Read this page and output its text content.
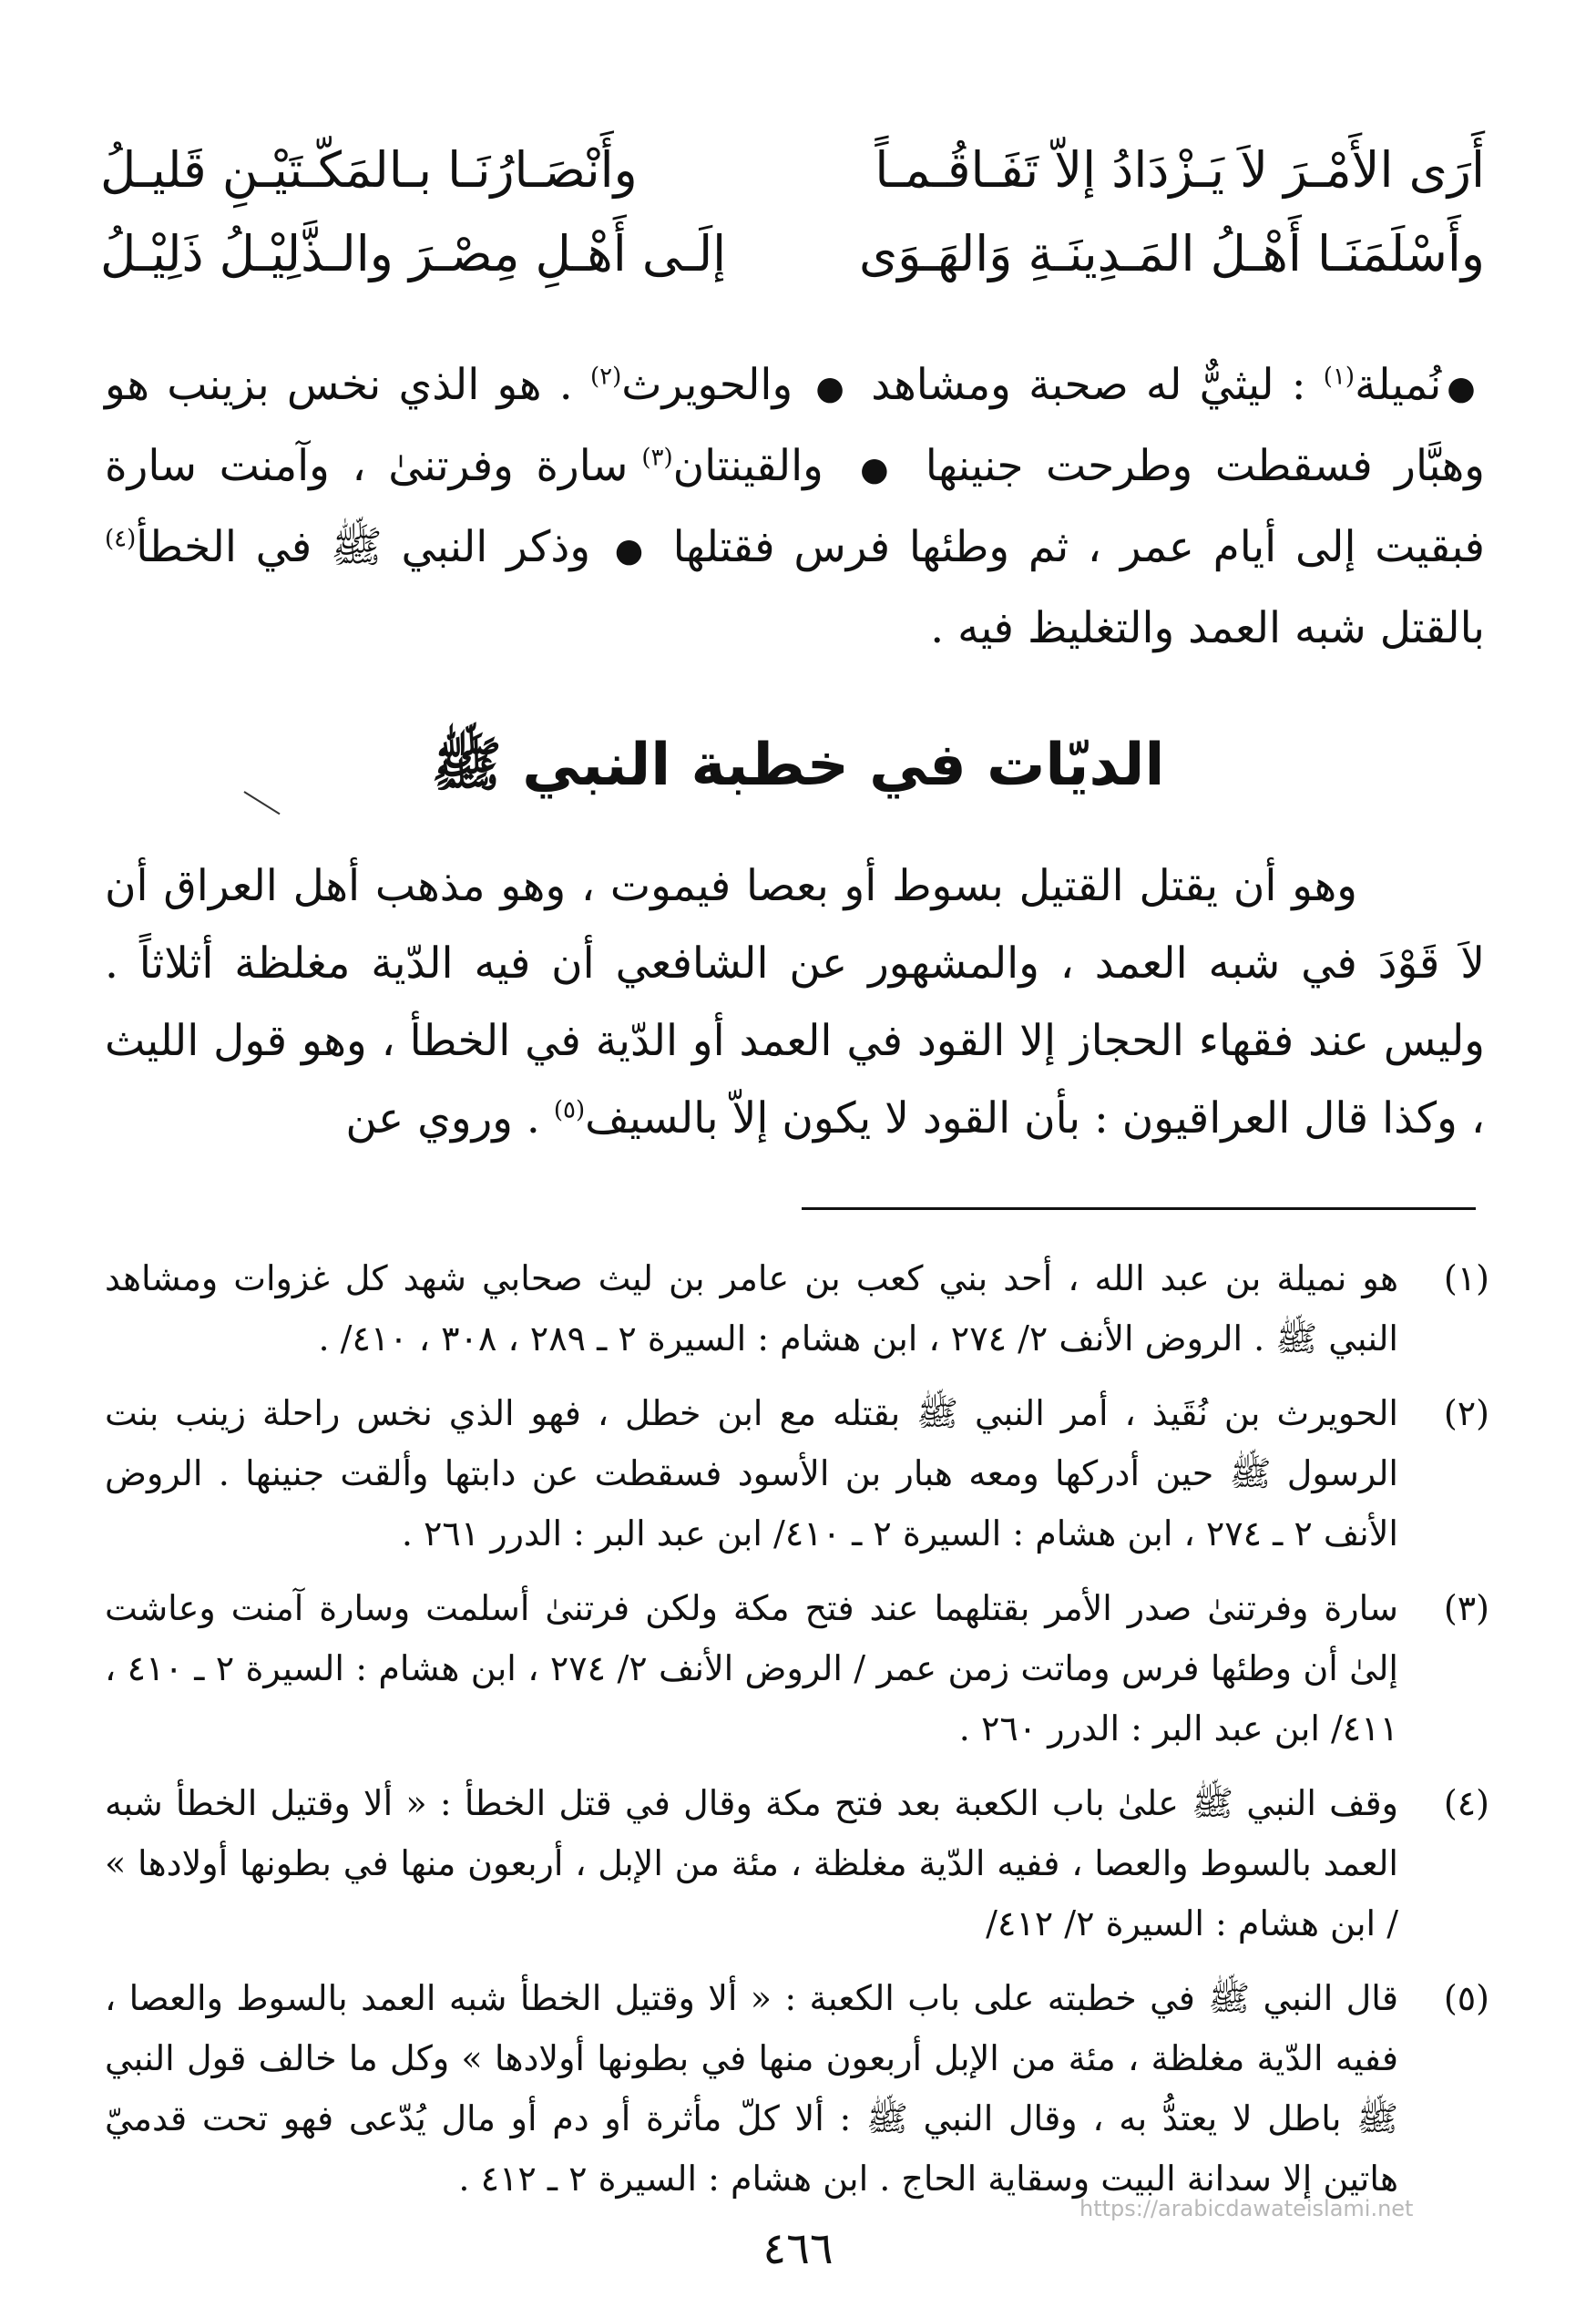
أَرَى الأَمْـرَ لاَ يَـزْدَادُ إلاّ تَفَـاقُـمـاً
وأَنْصَـارُنَـا بـالمَكّـتَيْـنِ قَليـلُ
وأَسْلَمَنَـا أَهْـلُ المَـدِينَـةِ وَالهَـوَى
إلَـى أَهْـلِ مِصْـرَ والـذَّلِيْـلُ ذَلِيْـلُ
●نُميلة$^{(١)}$ : ليثيٌّ له صحبة ومشاهد ● والحويرث$^{(٢)}$ . هو الذي نخس بزينب هو وهبَّار فسقطت وطرحت جنينها ● والقينتان$^{(٣)}$ سارة وفرتنىٰ ، وآمنت سارة فبقيت إلى أيام عمر ، ثم وطئها فرس فقتلها ● وذكر النبي ﷺ في الخطأ$^{(٤)}$ بالقتل شبه العمد والتغليظ فيه .
الديّات في خطبة النبي ﷺ
وهو أن يقتل القتيل بسوط أو بعصا فيموت ، وهو مذهب أهل العراق أن لاَ قَوْدَ في شبه العمد ، والمشهور عن الشافعي أن فيه الدّية مغلظة أثلاثاً . وليس عند فقهاء الحجاز إلا القود في العمد أو الدّية في الخطأ ، وهو قول الليث ، وكذا قال العراقيون : بأن القود لا يكون إلاّ بالسيف$^{(٥)}$ . وروي عن
(١)
هو نميلة بن عبد الله ، أحد بني كعب بن عامر بن ليث صحابي شهد كل غزوات ومشاهد النبي ﷺ . الروض الأنف ٢/ ٢٧٤ ، ابن هشام : السيرة ٢ ـ ٢٨٩ ، ٣٠٨ ، ٤١٠/ .
(٢)
الحويرث بن نُقَيذ ، أمر النبي ﷺ بقتله مع ابن خطل ، فهو الذي نخس راحلة زينب بنت الرسول ﷺ حين أدركها ومعه هبار بن الأسود فسقطت عن دابتها وألقت جنينها . الروض الأنف ٢ ـ ٢٧٤ ، ابن هشام : السيرة ٢ ـ ٤١٠/ ابن عبد البر : الدرر ٢٦١ .
(٣)
سارة وفرتنىٰ صدر الأمر بقتلهما عند فتح مكة ولكن فرتنىٰ أسلمت وسارة آمنت وعاشت إلىٰ أن وطئها فرس وماتت زمن عمر / الروض الأنف ٢/ ٢٧٤ ، ابن هشام : السيرة ٢ ـ ٤١٠ ، ٤١١/ ابن عبد البر : الدرر ٢٦٠ .
(٤)
وقف النبي ﷺ علىٰ باب الكعبة بعد فتح مكة وقال في قتل الخطأ : « ألا وقتيل الخطأ شبه العمد بالسوط والعصا ، ففيه الدّية مغلظة ، مئة من الإبل ، أربعون منها في بطونها أولادها » / ابن هشام : السيرة ٢/ ٤١٢/
(٥)
قال النبي ﷺ في خطبته على باب الكعبة : « ألا وقتيل الخطأ شبه العمد بالسوط والعصا ، ففيه الدّية مغلظة ، مئة من الإبل أربعون منها في بطونها أولادها » وكل ما خالف قول النبي ﷺ باطل لا يعتدُّ به ، وقال النبي ﷺ : ألا كلّ مأثرة أو دم أو مال يُدّعى فهو تحت قدميّ هاتين إلا سدانة البيت وسقاية الحاج . ابن هشام : السيرة ٢ ـ ٤١٢ .
https://arabicdawateislami.net
٤٦٦
